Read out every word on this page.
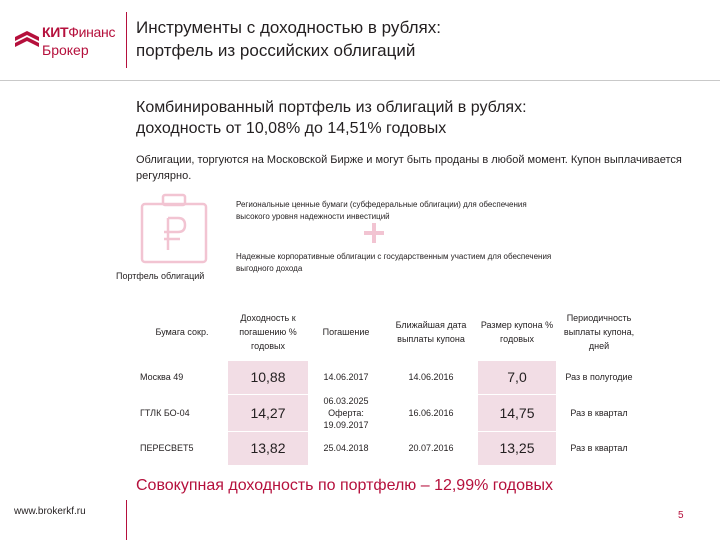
КИТФинанс
Брокер
Инструменты с доходностью в рублях:
портфель из российских облигаций
Комбинированный портфель из облигаций в рублях:
доходность от 10,08% до 14,51% годовых
Облигации, торгуются на Московской Бирже и могут быть проданы в любой момент. Купон выплачивается регулярно.
Портфель облигаций
Региональные ценные бумаги (субфедеральные облигации) для обеспечения высокого уровня надежности инвестиций
Надежные корпоративные облигации с государственным участием для обеспечения выгодного дохода
Бумага сокр.	Доходность к погашению % годовых	Погашение	Ближайшая дата выплаты купона	Размер купона % годовых	Периодичность выплаты купона, дней
Москва 49	10,88	14.06.2017	14.06.2016	7,0	Раз в полугодие
ГТЛК БО-04	14,27	06.03.2025 Оферта: 19.09.2017	16.06.2016	14,75	Раз в квартал
ПЕРЕСВЕТ5	13,82	25.04.2018	20.07.2016	13,25	Раз в квартал
Совокупная доходность по портфелю – 12,99% годовых
www.brokerkf.ru	5
